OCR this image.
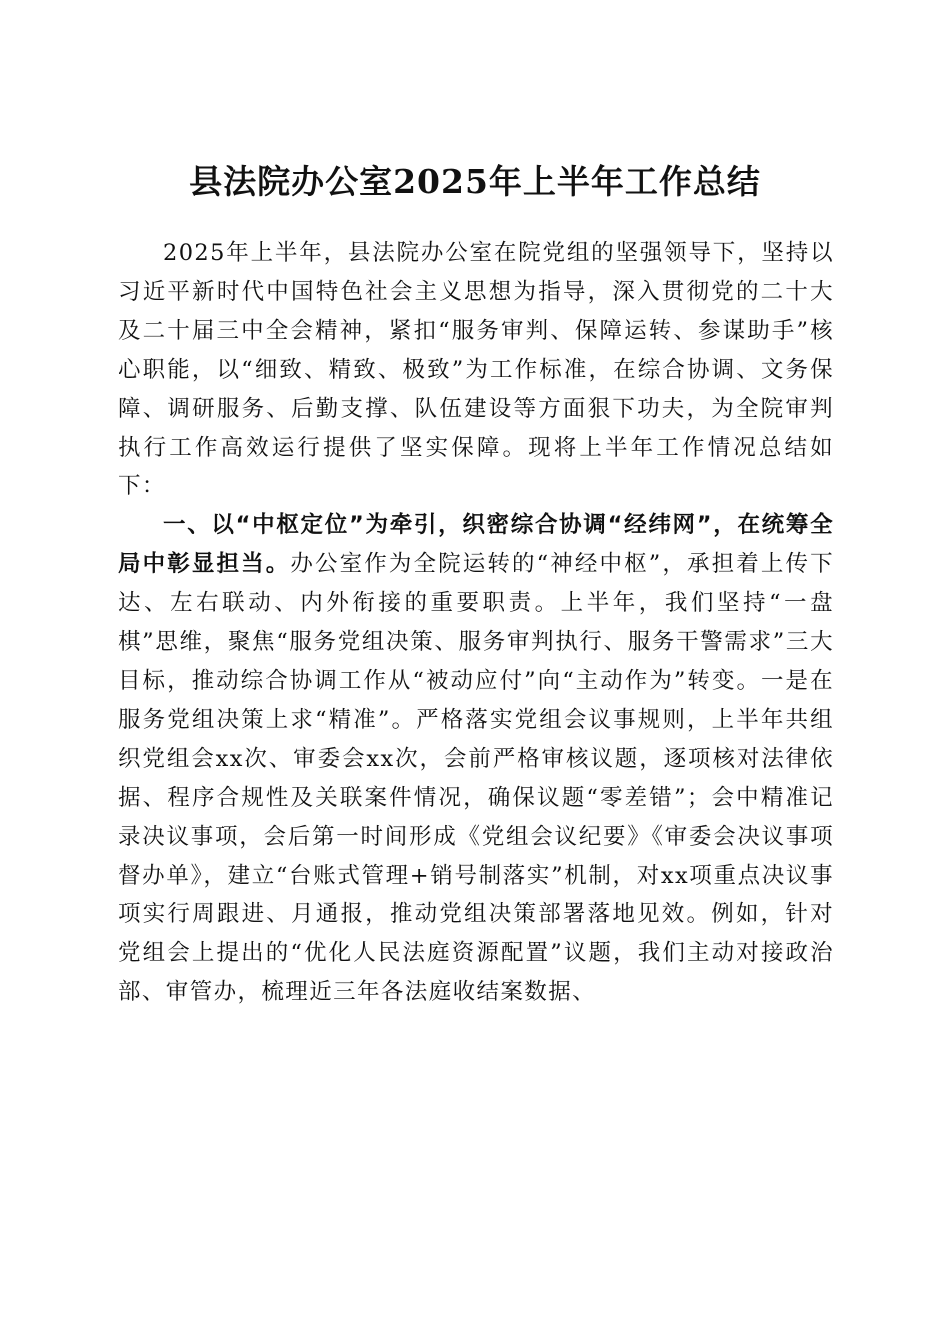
县法院办公室2025年上半年工作总结

2025年上半年，县法院办公室在院党组的坚强领导下，坚持以习近平新时代中国特色社会主义思想为指导，深入贯彻党的二十大及二十届三中全会精神，紧扣“服务审判、保障运转、参谋助手”核心职能，以“细致、精致、极致”为工作标准，在综合协调、文务保障、调研服务、后勤支撑、队伍建设等方面狠下功夫，为全院审判执行工作高效运行提供了坚实保障。现将上半年工作情况总结如下：

一、以“中枢定位”为牵引，织密综合协调“经纬网”，在统筹全局中彰显担当。办公室作为全院运转的“神经中枢”，承担着上传下达、左右联动、内外衔接的重要职责。上半年，我们坚持“一盘棋”思维，聚焦“服务党组决策、服务审判执行、服务干警需求”三大目标，推动综合协调工作从“被动应付”向“主动作为”转变。一是在服务党组决策上求“精准”。严格落实党组会议事规则，上半年共组织党组会xx次、审委会xx次，会前严格审核议题，逐项核对法律依据、程序合规性及关联案件情况，确保议题“零差错”；会中精准记录决议事项，会后第一时间形成《党组会议纪要》《审委会决议事项督办单》，建立“台账式管理+销号制落实”机制，对xx项重点决议事项实行周跟进、月通报，推动党组决策部署落地见效。例如，针对党组会上提出的“优化人民法庭资源配置”议题，我们主动对接政治部、审管办，梳理近三年各法庭收结案数据、
